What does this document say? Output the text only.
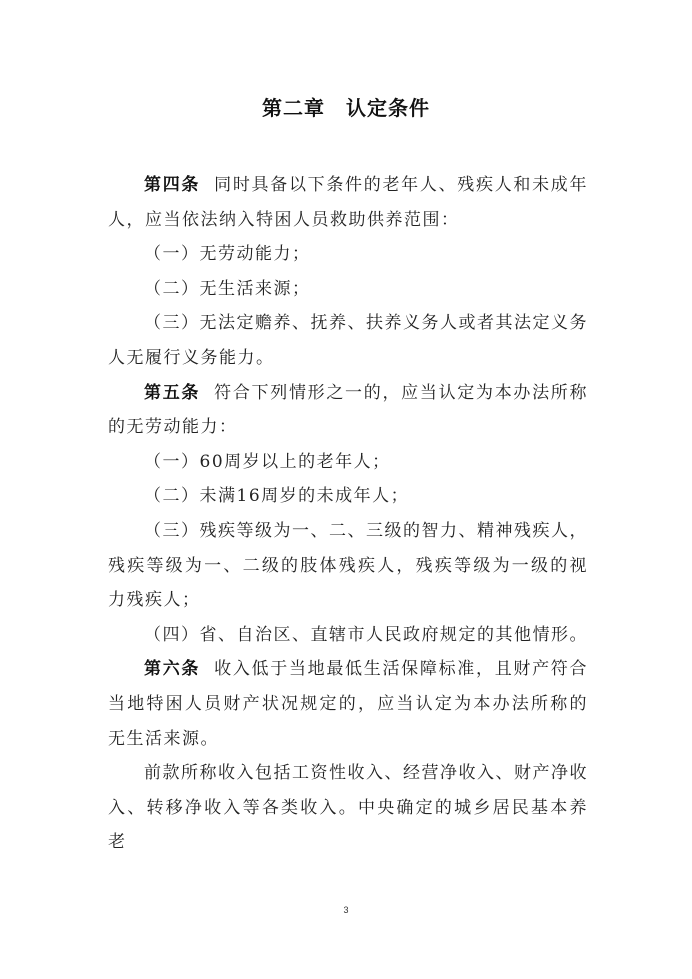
第二章　认定条件

第四条 同时具备以下条件的老年人、残疾人和未成年人，应当依法纳入特困人员救助供养范围：

（一）无劳动能力；

（二）无生活来源；

（三）无法定赡养、抚养、扶养义务人或者其法定义务人无履行义务能力。

第五条 符合下列情形之一的，应当认定为本办法所称的无劳动能力：

（一）60周岁以上的老年人；

（二）未满16周岁的未成年人；

（三）残疾等级为一、二、三级的智力、精神残疾人，残疾等级为一、二级的肢体残疾人，残疾等级为一级的视力残疾人；

（四）省、自治区、直辖市人民政府规定的其他情形。

第六条 收入低于当地最低生活保障标准，且财产符合当地特困人员财产状况规定的，应当认定为本办法所称的无生活来源。

前款所称收入包括工资性收入、经营净收入、财产净收入、转移净收入等各类收入。中央确定的城乡居民基本养老

3
